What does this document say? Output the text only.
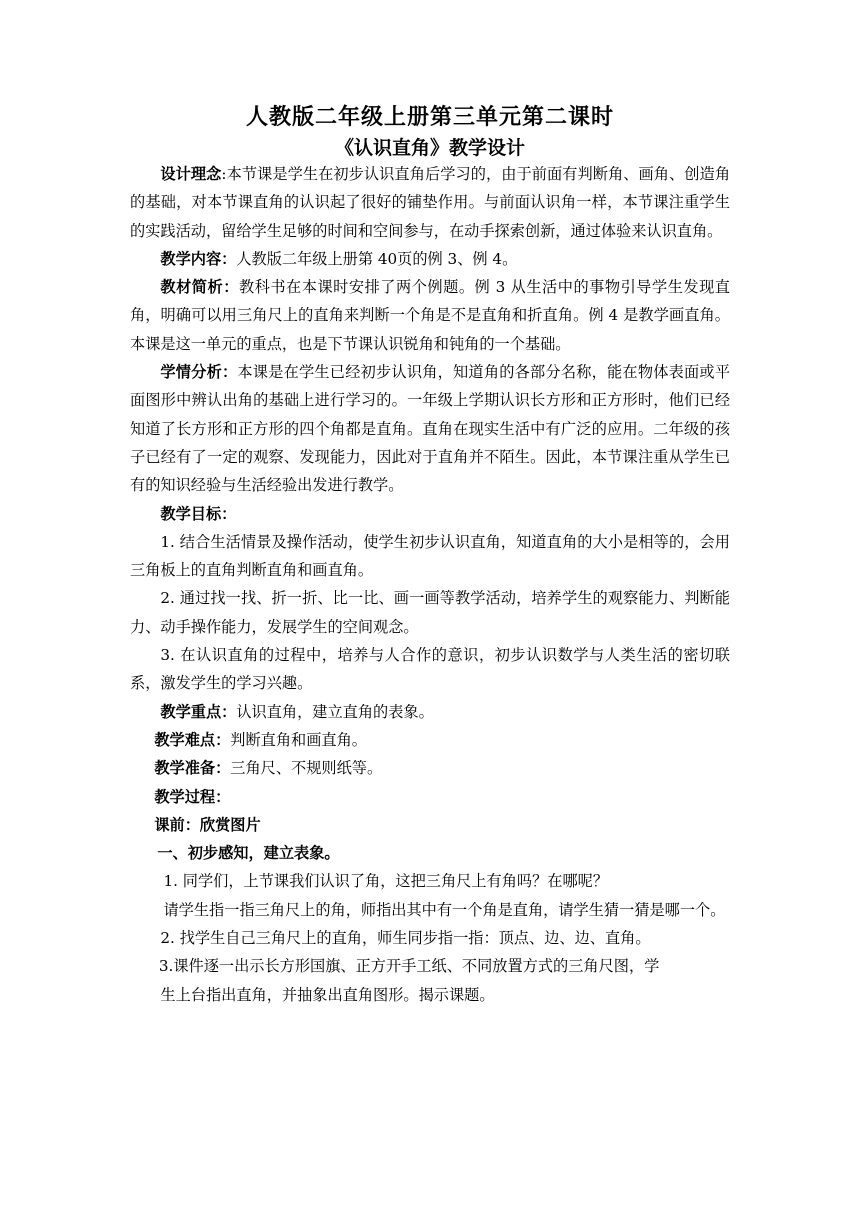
人教版二年级上册第三单元第二课时
《认识直角》教学设计

设计理念:本节课是学生在初步认识直角后学习的，由于前面有判断角、画角、创造角的基础，对本节课直角的认识起了很好的铺垫作用。与前面认识角一样，本节课注重学生的实践活动，留给学生足够的时间和空间参与，在动手探索创新，通过体验来认识直角。

教学内容：人教版二年级上册第 40页的例 3、例 4。

教材简析：教科书在本课时安排了两个例题。例 3 从生活中的事物引导学生发现直角，明确可以用三角尺上的直角来判断一个角是不是直角和折直角。例 4 是教学画直角。本课是这一单元的重点，也是下节课认识锐角和钝角的一个基础。

学情分析：本课是在学生已经初步认识角，知道角的各部分名称，能在物体表面或平面图形中辨认出角的基础上进行学习的。一年级上学期认识长方形和正方形时，他们已经知道了长方形和正方形的四个角都是直角。直角在现实生活中有广泛的应用。二年级的孩子已经有了一定的观察、发现能力，因此对于直角并不陌生。因此，本节课注重从学生已有的知识经验与生活经验出发进行教学。

教学目标：

1. 结合生活情景及操作活动，使学生初步认识直角，知道直角的大小是相等的，会用三角板上的直角判断直角和画直角。

2. 通过找一找、折一折、比一比、画一画等教学活动，培养学生的观察能力、判断能力、动手操作能力，发展学生的空间观念。

3. 在认识直角的过程中，培养与人合作的意识，初步认识数学与人类生活的密切联系，激发学生的学习兴趣。

教学重点：认识直角，建立直角的表象。

教学难点：判断直角和画直角。

教学准备：三角尺、不规则纸等。

教学过程：

课前：欣赏图片

一、初步感知，建立表象。

1. 同学们，上节课我们认识了角，这把三角尺上有角吗？在哪呢？

请学生指一指三角尺上的角，师指出其中有一个角是直角，请学生猜一猜是哪一个。

2. 找学生自己三角尺上的直角，师生同步指一指：顶点、边、边、直角。

3.课件逐一出示长方形国旗、正方开手工纸、不同放置方式的三角尺图，学

生上台指出直角，并抽象出直角图形。揭示课题。
